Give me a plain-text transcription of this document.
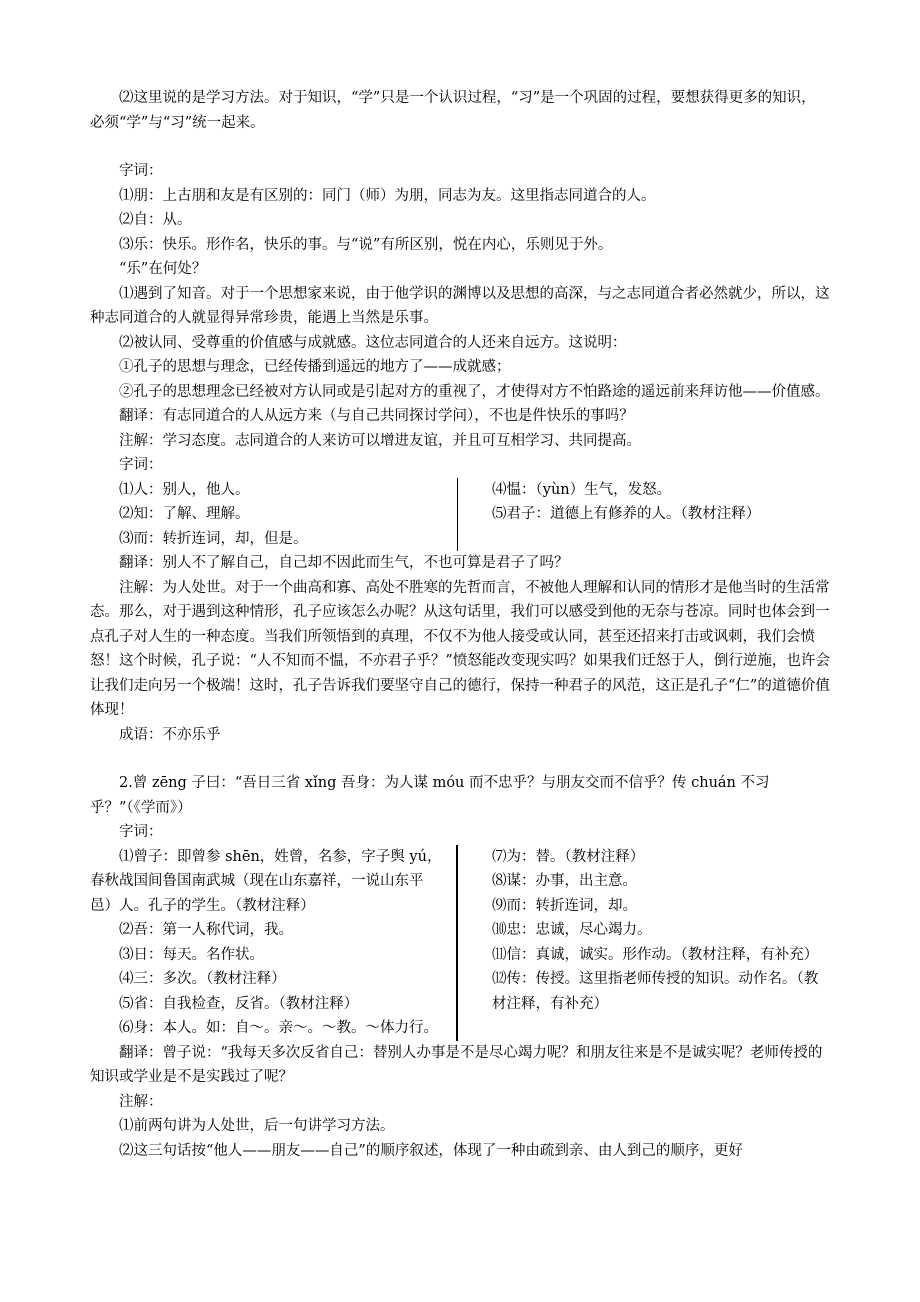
⑵这里说的是学习方法。对于知识，“学”只是一个认识过程，“习”是一个巩固的过程，要想获得更多的知识，必须“学”与“习”统一起来。

字词：

⑴朋：上古朋和友是有区别的：同门（师）为朋，同志为友。这里指志同道合的人。

⑵自：从。

⑶乐：快乐。形作名，快乐的事。与“说”有所区别，悦在内心，乐则见于外。

“乐”在何处？

⑴遇到了知音。对于一个思想家来说，由于他学识的渊博以及思想的高深，与之志同道合者必然就少，所以，这种志同道合的人就显得异常珍贵，能遇上当然是乐事。

⑵被认同、受尊重的价值感与成就感。这位志同道合的人还来自远方。这说明：

①孔子的思想与理念，已经传播到遥远的地方了——成就感；

②孔子的思想理念已经被对方认同或是引起对方的重视了，才使得对方不怕路途的遥远前来拜访他——价值感。

翻译：有志同道合的人从远方来（与自己共同探讨学问），不也是件快乐的事吗？

注解：学习态度。志同道合的人来访可以增进友谊，并且可互相学习、共同提高。

字词：

⑴人：别人，他人。

⑵知：了解、理解。

⑶而：转折连词，却，但是。

⑷愠：（yùn）生气，发怒。

⑸君子：道德上有修养的人。（教材注释）

翻译：别人不了解自己，自己却不因此而生气，不也可算是君子了吗？

注解：为人处世。对于一个曲高和寡、高处不胜寒的先哲而言，不被他人理解和认同的情形才是他当时的生活常态。那么，对于遇到这种情形，孔子应该怎么办呢？从这句话里，我们可以感受到他的无奈与苍凉。同时也体会到一点孔子对人生的一种态度。当我们所领悟到的真理，不仅不为他人接受或认同，甚至还招来打击或讽刺，我们会愤怒！这个时候，孔子说：“人不知而不愠，不亦君子乎？”愤怒能改变现实吗？如果我们迁怒于人，倒行逆施，也许会让我们走向另一个极端！这时，孔子告诉我们要坚守自己的德行，保持一种君子的风范，这正是孔子“仁”的道德价值体现！

成语：不亦乐乎

2.曾 zēng 子曰：“吾日三省 xǐng 吾身：为人谋 móu 而不忠乎？与朋友交而不信乎？传 chuán 不习乎？”（《学而》）

字词：

⑴曾子：即曾参 shēn，姓曾，名参，字子舆 yú，春秋战国间鲁国南武城（现在山东嘉祥，一说山东平邑）人。孔子的学生。（教材注释）

⑵吾：第一人称代词，我。

⑶日：每天。名作状。

⑷三：多次。（教材注释）

⑸省：自我检查，反省。（教材注释）

⑹身：本人。如：自～。亲～。～教。～体力行。

⑺为：替。（教材注释）

⑻谋：办事，出主意。

⑼而：转折连词，却。

⑽忠：忠诚，尽心竭力。

⑾信：真诚，诚实。形作动。（教材注释，有补充）

⑿传：传授。这里指老师传授的知识。动作名。（教材注释，有补充）

翻译：曾子说：“我每天多次反省自己：替别人办事是不是尽心竭力呢？和朋友往来是不是诚实呢？老师传授的知识或学业是不是实践过了呢？

注解：

⑴前两句讲为人处世，后一句讲学习方法。

⑵这三句话按“他人——朋友——自己”的顺序叙述，体现了一种由疏到亲、由人到己的顺序，更好
